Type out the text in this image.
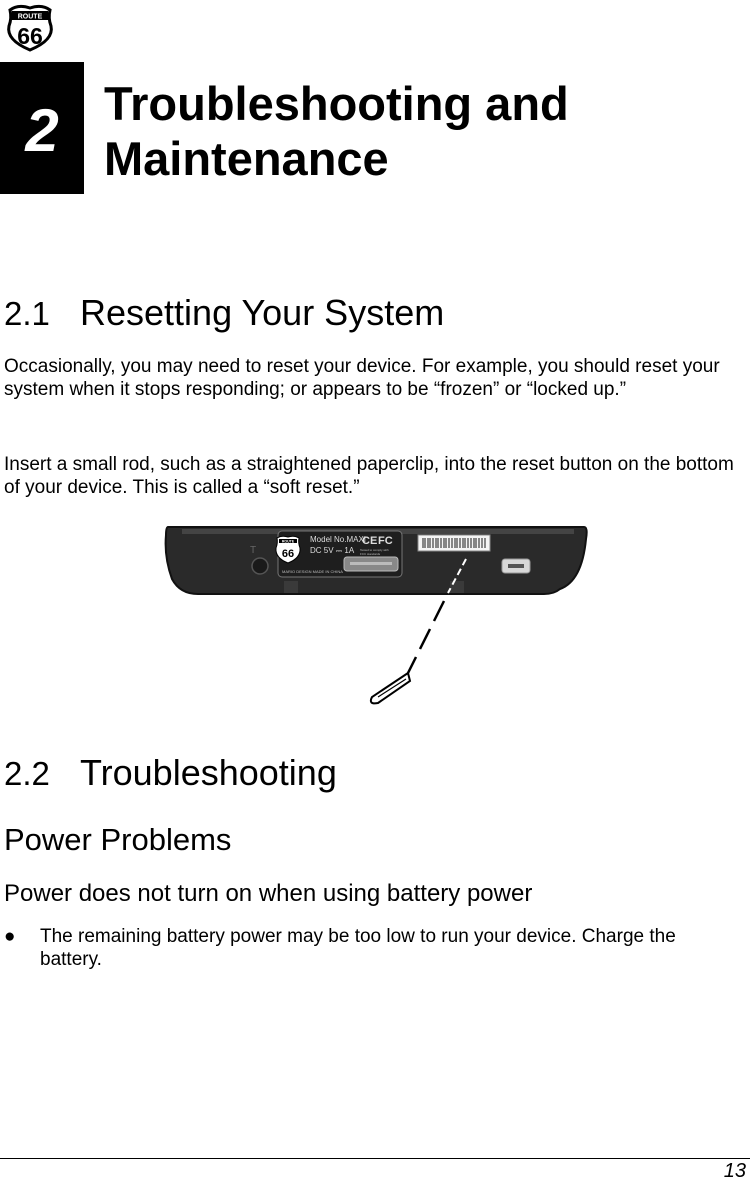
ROUTE
66
2 Troubleshooting and Maintenance
2.1 Resetting Your System
Occasionally, you may need to reset your device. For example, you should reset your system when it stops responding; or appears to be “frozen” or “locked up.”
Insert a small rod, such as a straightened paperclip, into the reset button on the bottom of your device. This is called a “soft reset.”
T
ROUTE
66
Model No.MAXI
DC 5V ⎓ 1A
CE FC
Tested to comply with
FCC standards
MARIO DESIGN MADE IN CHINA
2.2 Troubleshooting
Power Problems
Power does not turn on when using battery power
●	The remaining battery power may be too low to run your device. Charge the battery.
13
